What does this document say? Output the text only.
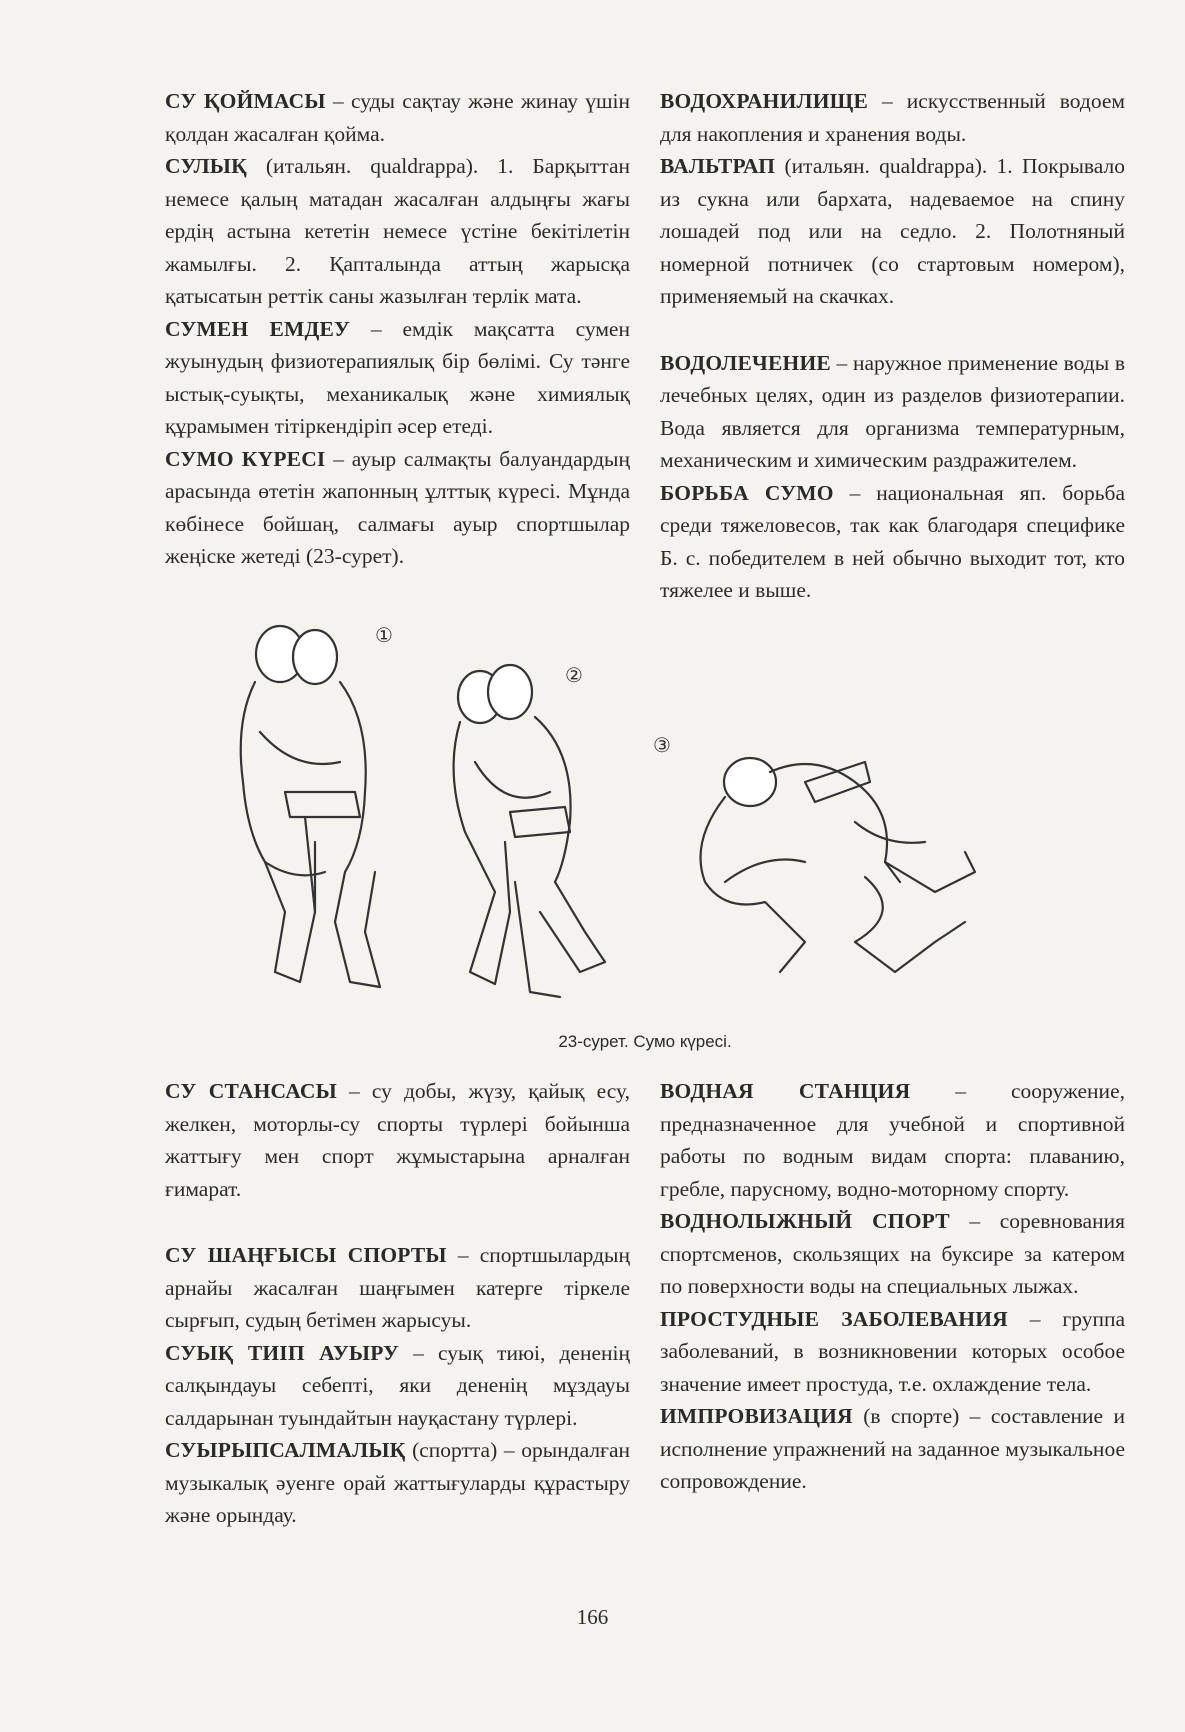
СУ ҚОЙМАСЫ – суды сақтау және жинау үшін қолдан жасалған қойма.

СУЛЫҚ (итальян. qualdrappa). 1. Барқыттан немесе қалың матадан жасалған алдыңғы жағы ердің астына кететін немесе үстіне бекітілетін жамылғы. 2. Қапталында аттың жарысқа қатысатын реттік саны жазылған терлік мата.

СУМЕН ЕМДЕУ – емдік мақсатта сумен жуынудың физиотерапиялық бір бөлімі. Су тәнге ыстық-суықты, механикалық және химиялық құрамымен тітіркендіріп әсер етеді.

СУМО КҮРЕСІ – ауыр салмақты балуандардың арасында өтетін жапонның ұлттық күресі. Мұнда көбінесе бойшаң, салмағы ауыр спортшылар жеңіске жетеді (23-сурет).

ВОДОХРАНИЛИЩЕ – искусственный водоем для накопления и хранения воды.

ВАЛЬТРАП (итальян. qualdrappa). 1. Покрывало из сукна или бархата, надеваемое на спину лошадей под или на седло. 2. Полотняный номерной потничек (со стартовым номером), применяемый на скачках.

ВОДОЛЕЧЕНИЕ – наружное применение воды в лечебных целях, один из разделов физиотерапии. Вода является для организма температурным, механическим и химическим раздражителем.

БОРЬБА СУМО – национальная яп. борьба среди тяжеловесов, так как благодаря специфике Б. с. победителем в ней обычно выходит тот, кто тяжелее и выше.

①
②
③
23-сурет. Сумо күресі.

СУ СТАНСАСЫ – су добы, жүзу, қайық есу, желкен, моторлы-су спорты түрлері бойынша жаттығу мен спорт жұмыстарына арналған ғимарат.

СУ ШАҢҒЫСЫ СПОРТЫ – спортшылардың арнайы жасалған шаңғымен катерге тіркеле сырғып, судың бетімен жарысуы.

СУЫҚ ТИІП АУЫРУ – суық тиюі, дененің салқындауы себепті, яки дененің мұздауы салдарынан туындайтын науқастану түрлері.

СУЫРЫПСАЛМАЛЫҚ (спортта) – орындалған музыкалық әуенге орай жаттығуларды құрастыру және орындау.

ВОДНАЯ СТАНЦИЯ – сооружение, предназначенное для учебной и спортивной работы по водным видам спорта: плаванию, гребле, парусному, водно-моторному спорту.

ВОДНОЛЫЖНЫЙ СПОРТ – соревнования спортсменов, скользящих на буксире за катером по поверхности воды на специальных лыжах.

ПРОСТУДНЫЕ ЗАБОЛЕВАНИЯ – группа заболеваний, в возникновении которых особое значение имеет простуда, т.е. охлаждение тела.

ИМПРОВИЗАЦИЯ (в спорте) – составление и исполнение упражнений на заданное музыкальное сопровождение.

166
